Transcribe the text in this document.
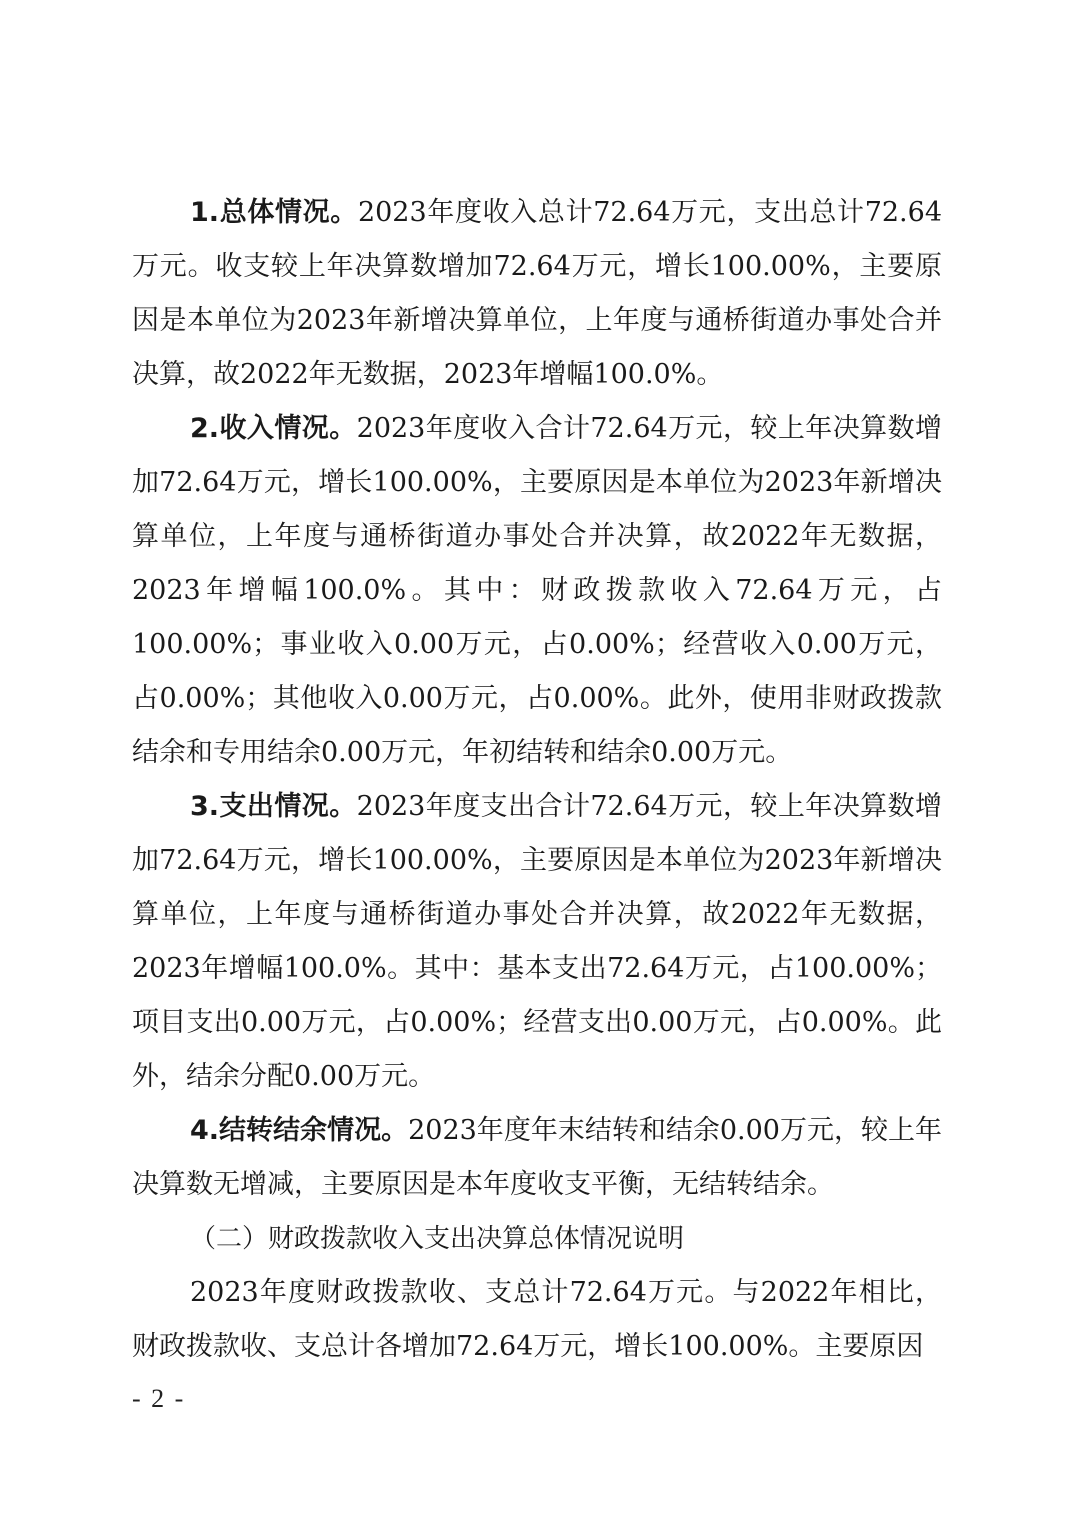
1.总体情况。2023年度收入总计72.64万元，支出总计72.64万元。收支较上年决算数增加72.64万元，增长100.00%，主要原因是本单位为2023年新增决算单位，上年度与通桥街道办事处合并决算，故2022年无数据，2023年增幅100.0%。

2.收入情况。2023年度收入合计72.64万元，较上年决算数增加72.64万元，增长100.00%，主要原因是本单位为2023年新增决算单位，上年度与通桥街道办事处合并决算，故2022年无数据，2023年增幅100.0%。其中：财政拨款收入72.64万元，占100.00%；事业收入0.00万元，占0.00%；经营收入0.00万元，占0.00%；其他收入0.00万元，占0.00%。此外，使用非财政拨款结余和专用结余0.00万元，年初结转和结余0.00万元。

3.支出情况。2023年度支出合计72.64万元，较上年决算数增加72.64万元，增长100.00%，主要原因是本单位为2023年新增决算单位，上年度与通桥街道办事处合并决算，故2022年无数据，2023年增幅100.0%。其中：基本支出72.64万元，占100.00%；项目支出0.00万元，占0.00%；经营支出0.00万元，占0.00%。此外，结余分配0.00万元。

4.结转结余情况。2023年度年末结转和结余0.00万元，较上年决算数无增减，主要原因是本年度收支平衡，无结转结余。

（二）财政拨款收入支出决算总体情况说明

2023年度财政拨款收、支总计72.64万元。与2022年相比，财政拨款收、支总计各增加72.64万元，增长100.00%。主要原因

- 2 -
